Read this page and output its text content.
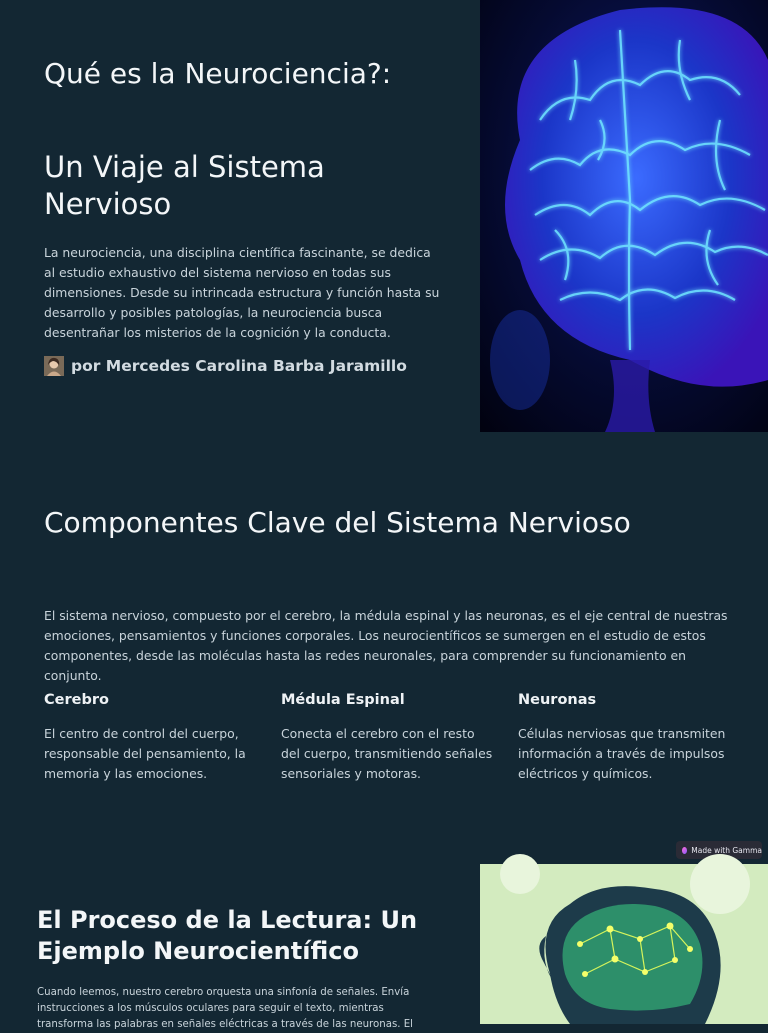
Qué es la Neurociencia?:
Un Viaje al Sistema Nervioso

La neurociencia, una disciplina científica fascinante, se dedica al estudio exhaustivo del sistema nervioso en todas sus dimensiones. Desde su intrincada estructura y función hasta su desarrollo y posibles patologías, la neurociencia busca desentrañar los misterios de la cognición y la conducta.

por Mercedes Carolina Barba Jaramillo
Componentes Clave del Sistema Nervioso

El sistema nervioso, compuesto por el cerebro, la médula espinal y las neuronas, es el eje central de nuestras emociones, pensamientos y funciones corporales. Los neurocientíficos se sumergen en el estudio de estos componentes, desde las moléculas hasta las redes neuronales, para comprender su funcionamiento en conjunto.

Cerebro

El centro de control del cuerpo, responsable del pensamiento, la memoria y las emociones.

Médula Espinal

Conecta el cerebro con el resto del cuerpo, transmitiendo señales sensoriales y motoras.

Neuronas

Células nerviosas que transmiten información a través de impulsos eléctricos y químicos.

Made with Gamma
El Proceso de la Lectura: Un Ejemplo Neurocientífico

Cuando leemos, nuestro cerebro orquesta una sinfonía de señales. Envía instrucciones a los músculos oculares para seguir el texto, mientras transforma las palabras en señales eléctricas a través de las neuronas. El
